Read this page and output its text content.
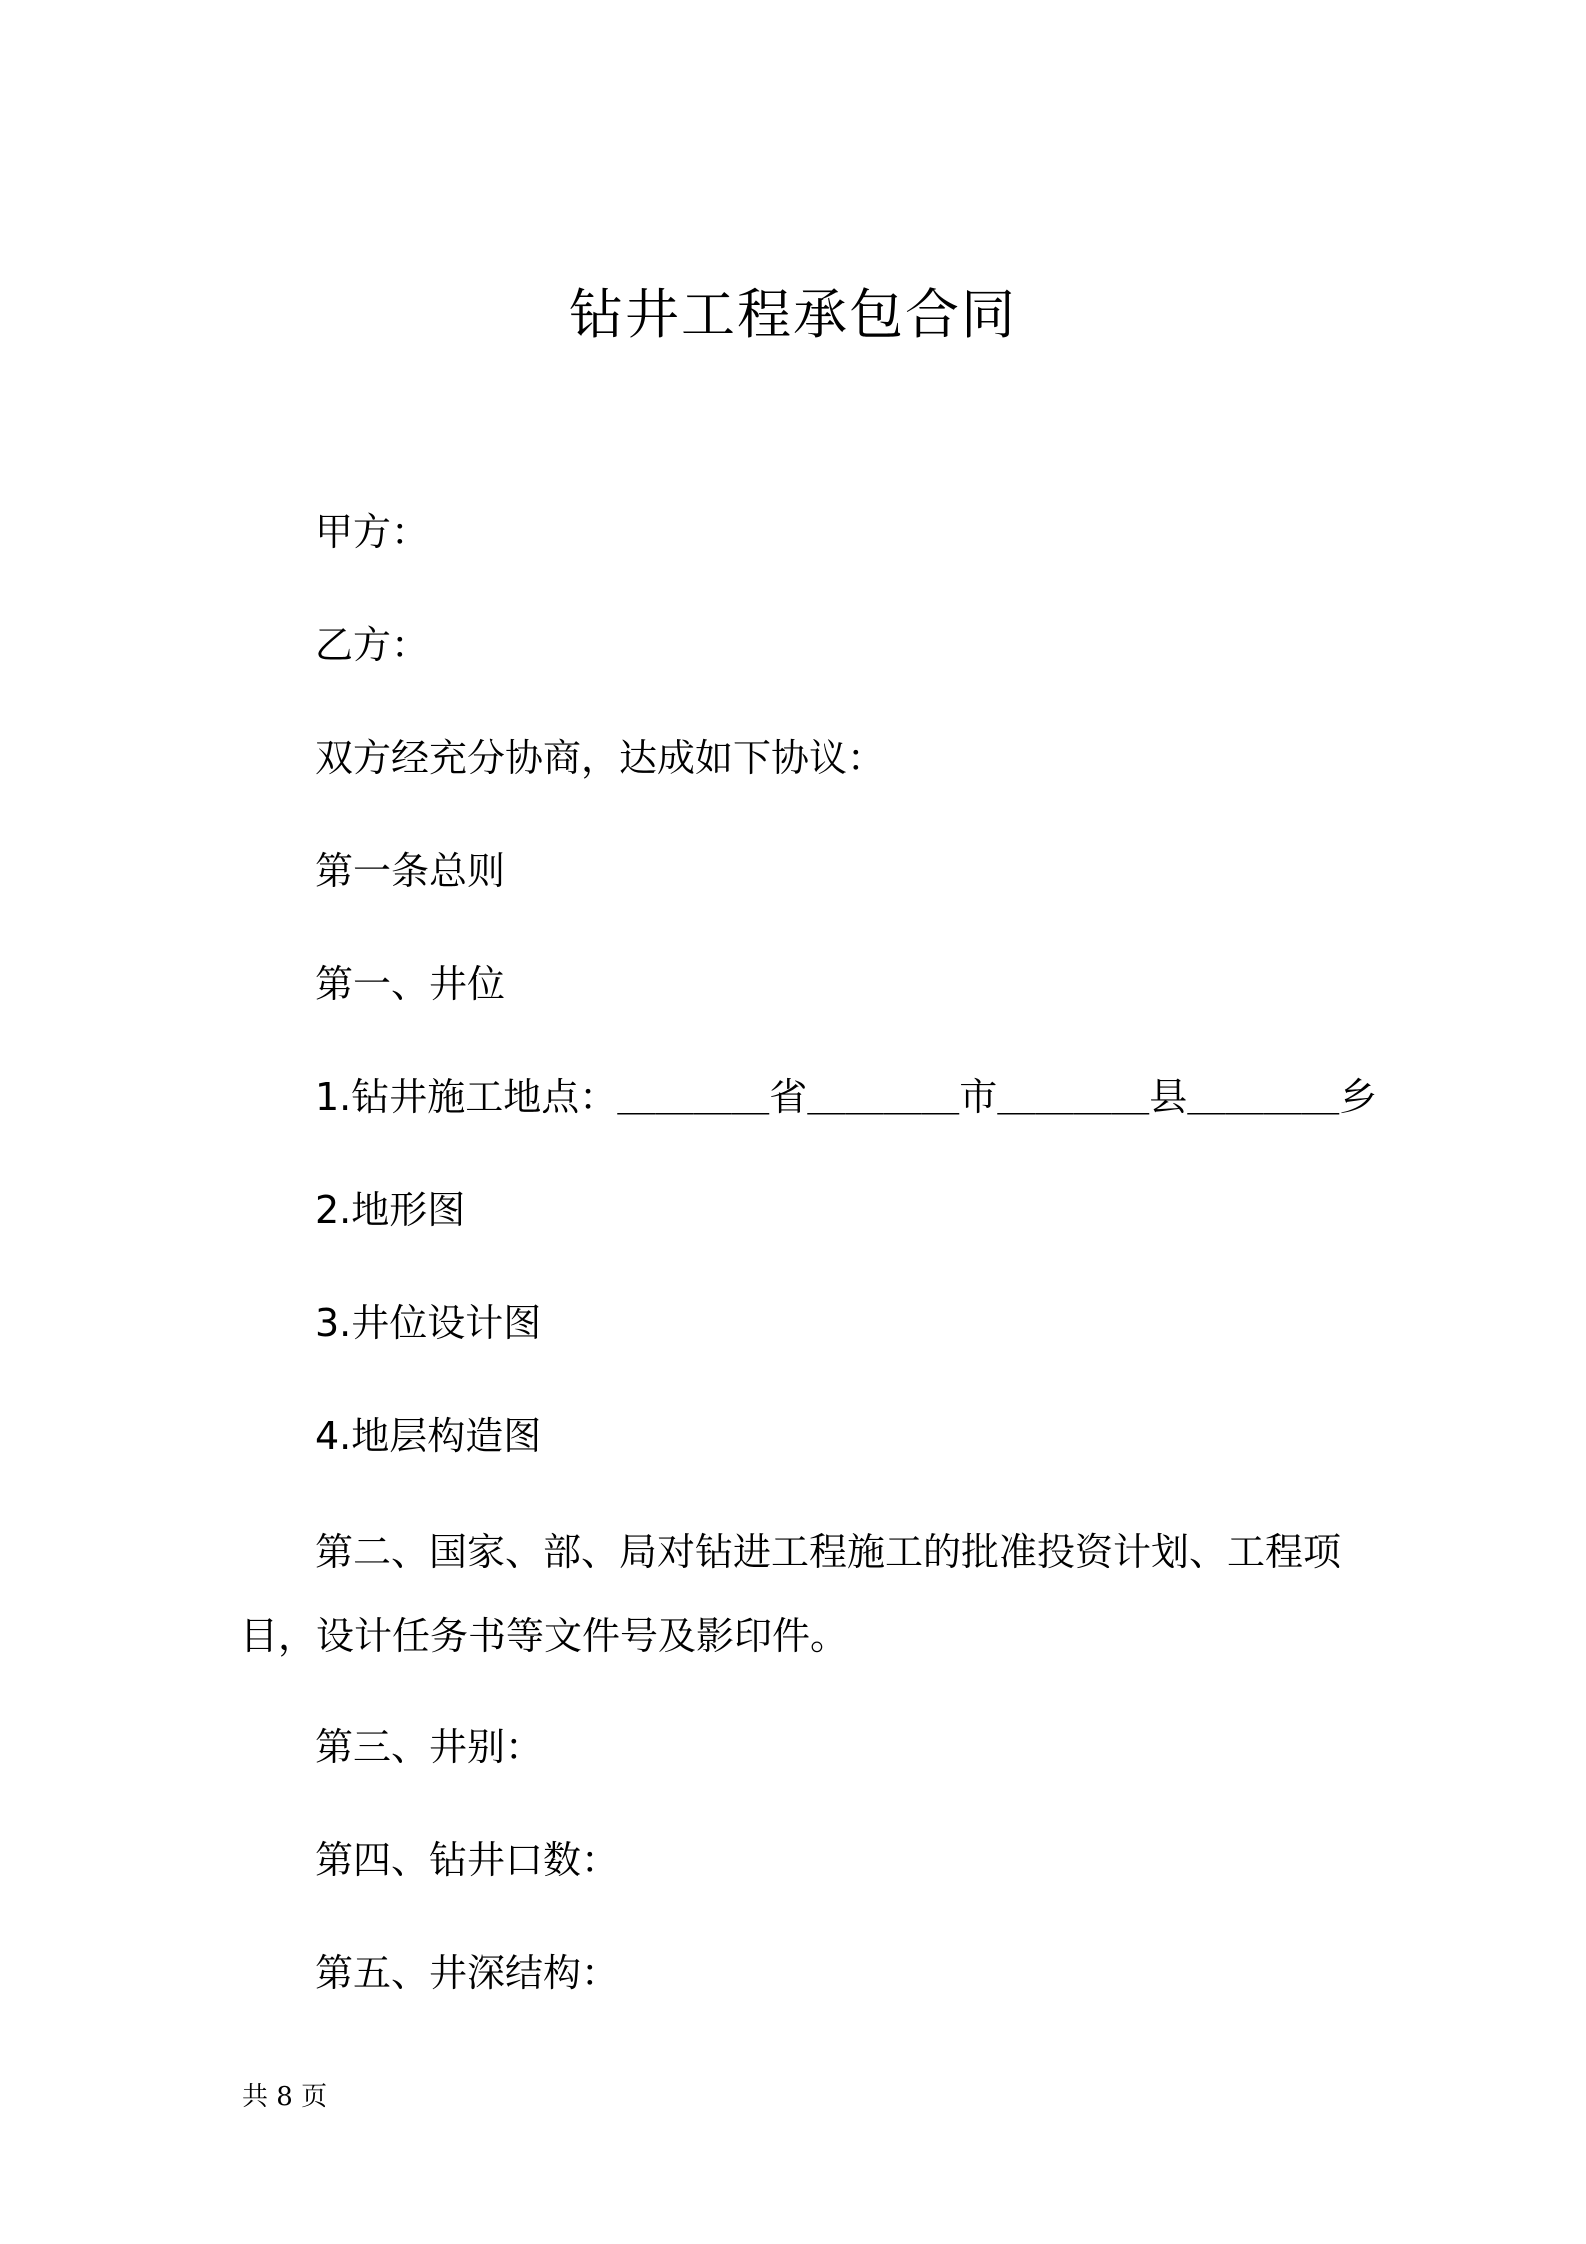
钻井工程承包合同
甲方：
乙方：
双方经充分协商，达成如下协议：
第一条总则
第一、井位
1.钻井施工地点：＿＿＿＿省＿＿＿＿市＿＿＿＿县＿＿＿＿乡
2.地形图
3.井位设计图
4.地层构造图
第二、国家、部、局对钻进工程施工的批准投资计划、工程项目，设计任务书等文件号及影印件。
第三、井别：
第四、钻井口数：
第五、井深结构：
共 8 页
